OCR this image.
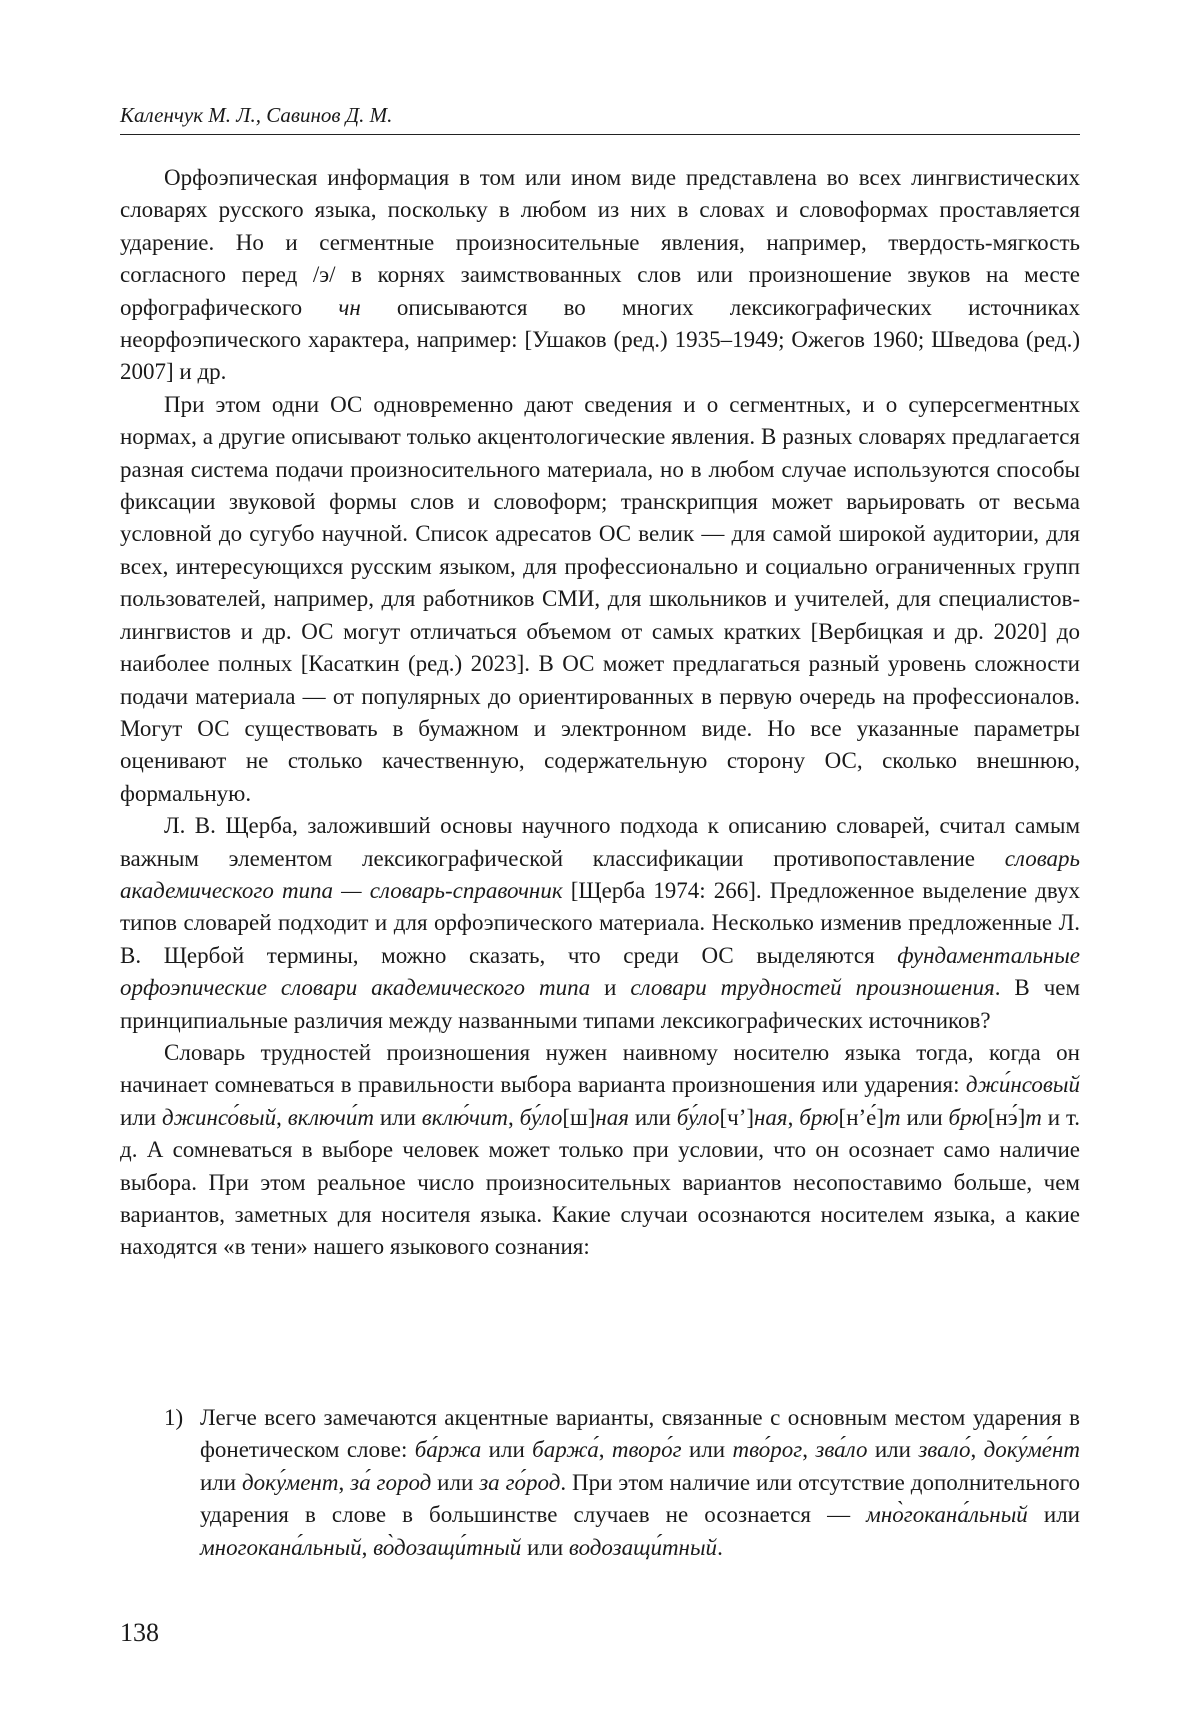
Каленчук М. Л., Савинов Д. М.

Орфоэпическая информация в том или ином виде представлена во всех лингвистических словарях русского языка, поскольку в любом из них в словах и словоформах проставляется ударение. Но и сегментные произносительные явления, например, твердость-мягкость согласного перед /э/ в корнях заимствованных слов или произношение звуков на месте орфографического чн описываются во многих лексикографических источниках неорфоэпического характера, например: [Ушаков (ред.) 1935–1949; Ожегов 1960; Шведова (ред.) 2007] и др.

При этом одни ОС одновременно дают сведения и о сегментных, и о суперсегментных нормах, а другие описывают только акцентологические явления. В разных словарях предлагается разная система подачи произносительного материала, но в любом случае используются способы фиксации звуковой формы слов и словоформ; транскрипция может варьировать от весьма условной до сугубо научной. Список адресатов ОС велик — для самой широкой аудитории, для всех, интересующихся русским языком, для профессионально и социально ограниченных групп пользователей, например, для работников СМИ, для школьников и учителей, для специалистов-лингвистов и др. ОС могут отличаться объемом от самых кратких [Вербицкая и др. 2020] до наиболее полных [Касаткин (ред.) 2023]. В ОС может предлагаться разный уровень сложности подачи материала — от популярных до ориентированных в первую очередь на профессионалов. Могут ОС существовать в бумажном и электронном виде. Но все указанные параметры оценивают не столько качественную, содержательную сторону ОС, сколько внешнюю, формальную.

Л. В. Щерба, заложивший основы научного подхода к описанию словарей, считал самым важным элементом лексикографической классификации противопоставление словарь академического типа — словарь-справочник [Щерба 1974: 266]. Предложенное выделение двух типов словарей подходит и для орфоэпического материала. Несколько изменив предложенные Л. В. Щербой термины, можно сказать, что среди ОС выделяются фундаментальные орфоэпические словари академического типа и словари трудностей произношения. В чем принципиальные различия между названными типами лексикографических источников?

Словарь трудностей произношения нужен наивному носителю языка тогда, когда он начинает сомневаться в правильности выбора варианта произношения или ударения: джи́нсовый или джинсо́вый, включи́т или вклю́чит, бу́ло[ш]ная или бу́ло[ч’]ная, брю[н’е́]т или брю[нэ́]т и т. д. А сомневаться в выборе человек может только при условии, что он осознает само наличие выбора. При этом реальное число произносительных вариантов несопоставимо больше, чем вариантов, заметных для носителя языка. Какие случаи осознаются носителем языка, а какие находятся «в тени» нашего языкового сознания:

1) Легче всего замечаются акцентные варианты, связанные с основным местом ударения в фонетическом слове: ба́ржа или баржа́, творо́г или тво́рог, зва́ло или звало́, доку́ме́нт или доку́мент, за́ город или за го́род. При этом наличие или отсутствие дополнительного ударения в слове в большинстве случаев не осознается — мно̀гокана́льный или многокана́льный, во̀дозащи́тный или водозащи́тный.
138
